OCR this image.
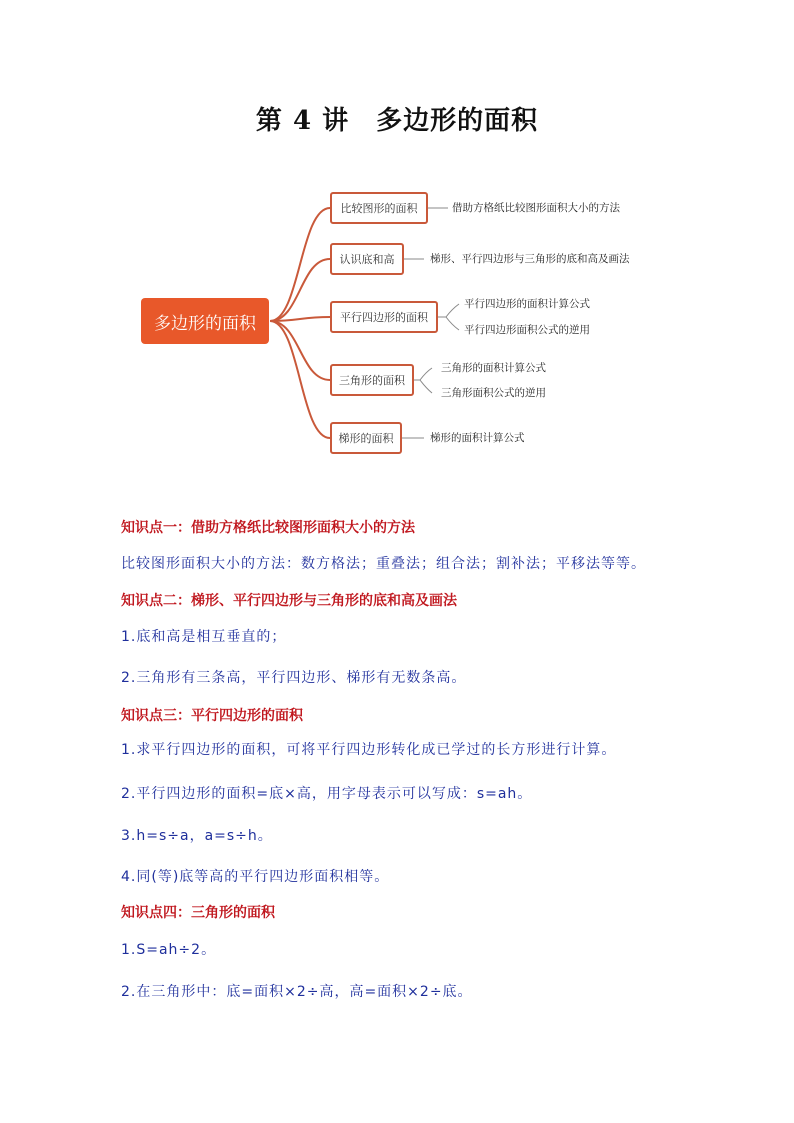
第 4 讲　多边形的面积
多边形的面积
比较图形的面积
认识底和高
平行四边形的面积
三角形的面积
梯形的面积
借助方格纸比较图形面积大小的方法
梯形、平行四边形与三角形的底和高及画法
平行四边形的面积计算公式
平行四边形面积公式的逆用
三角形的面积计算公式
三角形面积公式的逆用
梯形的面积计算公式

知识点一：借助方格纸比较图形面积大小的方法

比较图形面积大小的方法：数方格法；重叠法；组合法；割补法；平移法等等。

知识点二：梯形、平行四边形与三角形的底和高及画法

1.底和高是相互垂直的；

2.三角形有三条高，平行四边形、梯形有无数条高。

知识点三：平行四边形的面积

1.求平行四边形的面积，可将平行四边形转化成已学过的长方形进行计算。

2.平行四边形的面积=底×高，用字母表示可以写成：s=ah。

3.h=s÷a，a=s÷h。

4.同(等)底等高的平行四边形面积相等。

知识点四：三角形的面积

1.S=ah÷2。

2.在三角形中：底=面积×2÷高，高=面积×2÷底。
